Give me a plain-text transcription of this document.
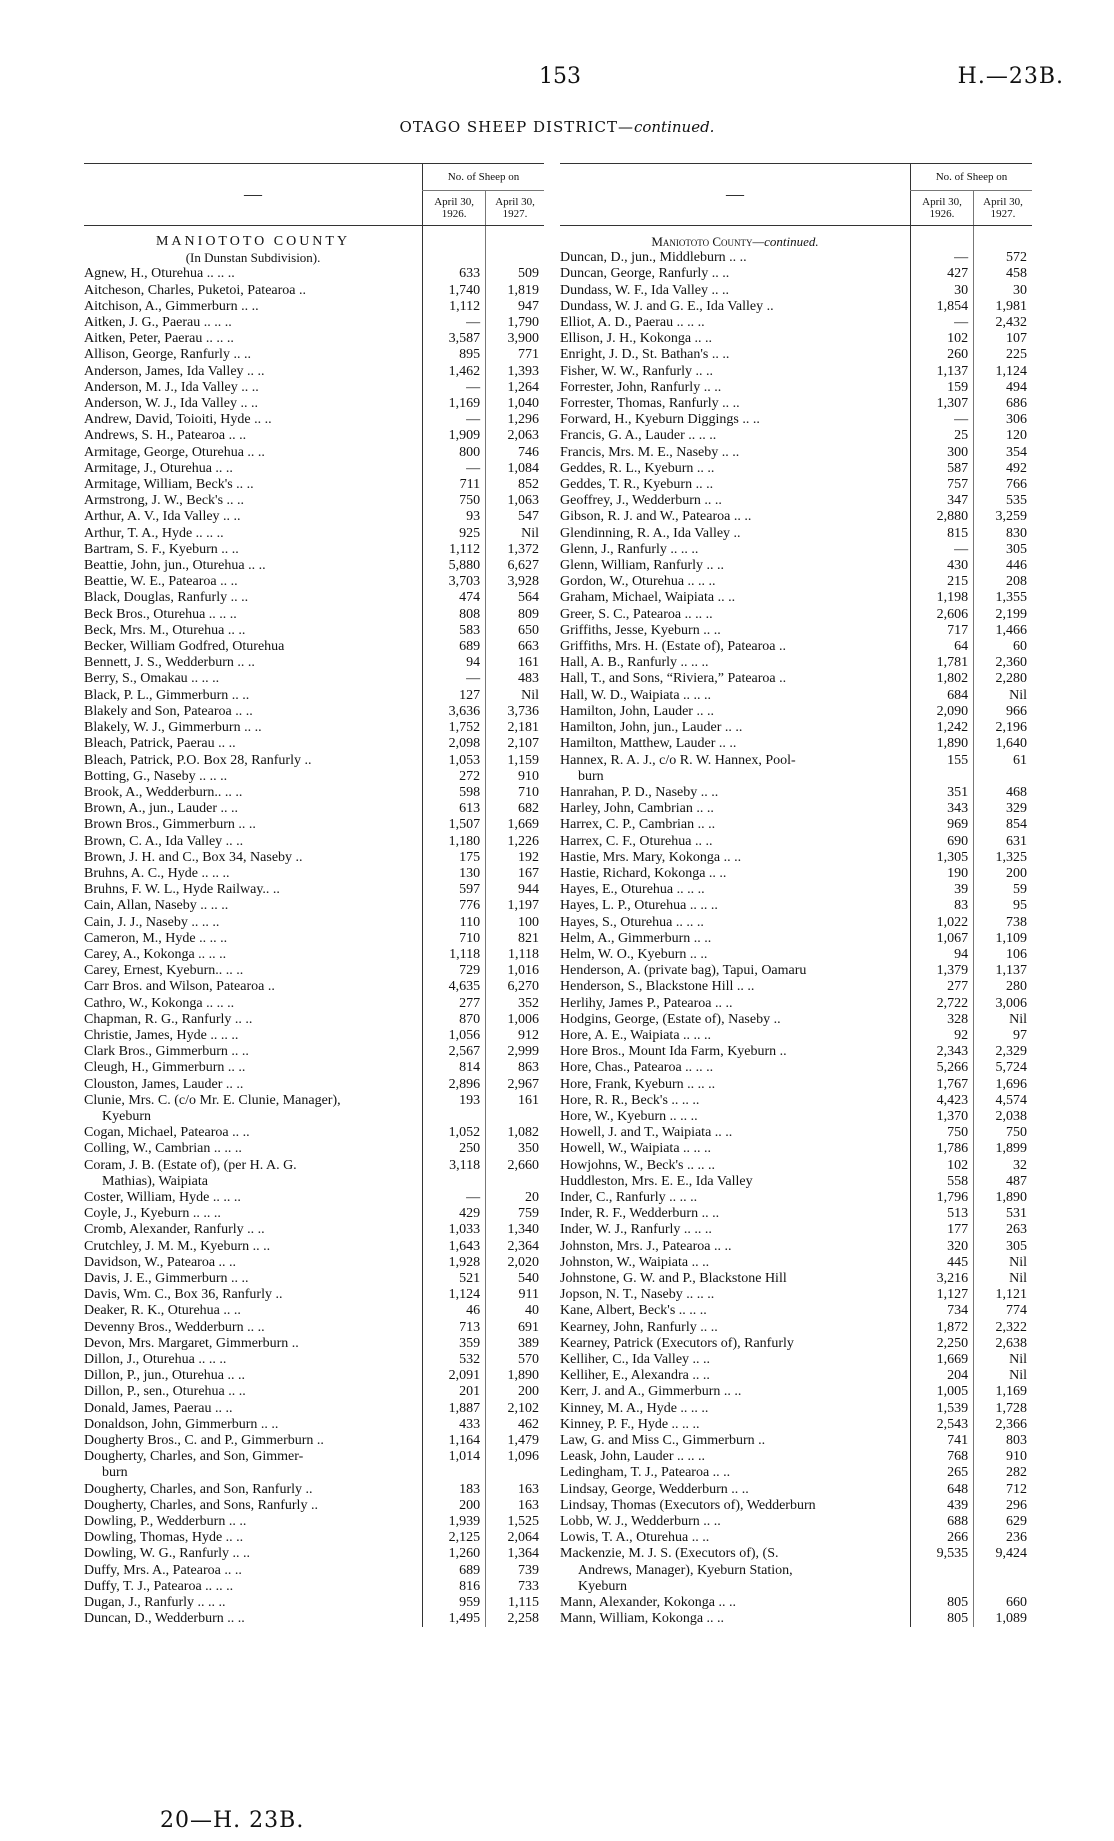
153	H.—23B.
OTAGO SHEEP DISTRICT—continued.
—	No. of Sheep on	

	April 30,
1926.	April 30,
1927.

MANIOTOTO COUNTY		
(In Dunstan Subdivision).		
Agnew, H., Oturehua .. .. ..	633	509
Aitcheson, Charles, Puketoi, Patearoa ..	1,740	1,819
Aitchison, A., Gimmerburn .. ..	1,112	947
Aitken, J. G., Paerau .. .. ..	—	1,790
Aitken, Peter, Paerau .. .. ..	3,587	3,900
Allison, George, Ranfurly .. ..	895	771
Anderson, James, Ida Valley .. ..	1,462	1,393
Anderson, M. J., Ida Valley .. ..	—	1,264
Anderson, W. J., Ida Valley .. ..	1,169	1,040
Andrew, David, Toioiti, Hyde .. ..	—	1,296
Andrews, S. H., Patearoa .. ..	1,909	2,063
Armitage, George, Oturehua .. ..	800	746
Armitage, J., Oturehua .. ..	—	1,084
Armitage, William, Beck's .. ..	711	852
Armstrong, J. W., Beck's .. ..	750	1,063
Arthur, A. V., Ida Valley .. ..	93	547
Arthur, T. A., Hyde .. .. ..	925	Nil
Bartram, S. F., Kyeburn .. ..	1,112	1,372
Beattie, John, jun., Oturehua .. ..	5,880	6,627
Beattie, W. E., Patearoa .. ..	3,703	3,928
Black, Douglas, Ranfurly .. ..	474	564
Beck Bros., Oturehua .. .. ..	808	809
Beck, Mrs. M., Oturehua .. ..	583	650
Becker, William Godfred, Oturehua	689	663
Bennett, J. S., Wedderburn .. ..	94	161
Berry, S., Omakau .. .. ..	—	483
Black, P. L., Gimmerburn .. ..	127	Nil
Blakely and Son, Patearoa .. ..	3,636	3,736
Blakely, W. J., Gimmerburn .. ..	1,752	2,181
Bleach, Patrick, Paerau .. ..	2,098	2,107
Bleach, Patrick, P.O. Box 28, Ranfurly ..	1,053	1,159
Botting, G., Naseby .. .. ..	272	910
Brook, A., Wedderburn.. .. ..	598	710
Brown, A., jun., Lauder .. ..	613	682
Brown Bros., Gimmerburn .. ..	1,507	1,669
Brown, C. A., Ida Valley .. ..	1,180	1,226
Brown, J. H. and C., Box 34, Naseby ..	175	192
Bruhns, A. C., Hyde .. .. ..	130	167
Bruhns, F. W. L., Hyde Railway.. ..	597	944
Cain, Allan, Naseby .. .. ..	776	1,197
Cain, J. J., Naseby .. .. ..	110	100
Cameron, M., Hyde .. .. ..	710	821
Carey, A., Kokonga .. .. ..	1,118	1,118
Carey, Ernest, Kyeburn.. .. ..	729	1,016
Carr Bros. and Wilson, Patearoa ..	4,635	6,270
Cathro, W., Kokonga .. .. ..	277	352
Chapman, R. G., Ranfurly .. ..	870	1,006
Christie, James, Hyde .. .. ..	1,056	912
Clark Bros., Gimmerburn .. ..	2,567	2,999
Cleugh, H., Gimmerburn .. ..	814	863
Clouston, James, Lauder .. ..	2,896	2,967
Clunie, Mrs. C. (c/o Mr. E. Clunie, Manager),	193	161
Kyeburn		
Cogan, Michael, Patearoa .. ..	1,052	1,082
Colling, W., Cambrian .. .. ..	250	350
Coram, J. B. (Estate of), (per H. A. G.	3,118	2,660
Mathias), Waipiata		
Coster, William, Hyde .. .. ..	—	20
Coyle, J., Kyeburn .. .. ..	429	759
Cromb, Alexander, Ranfurly .. ..	1,033	1,340
Crutchley, J. M. M., Kyeburn .. ..	1,643	2,364
Davidson, W., Patearoa .. ..	1,928	2,020
Davis, J. E., Gimmerburn .. ..	521	540
Davis, Wm. C., Box 36, Ranfurly ..	1,124	911
Deaker, R. K., Oturehua .. ..	46	40
Devenny Bros., Wedderburn .. ..	713	691
Devon, Mrs. Margaret, Gimmerburn ..	359	389
Dillon, J., Oturehua .. .. ..	532	570
Dillon, P., jun., Oturehua .. ..	2,091	1,890
Dillon, P., sen., Oturehua .. ..	201	200
Donald, James, Paerau .. ..	1,887	2,102
Donaldson, John, Gimmerburn .. ..	433	462
Dougherty Bros., C. and P., Gimmerburn ..	1,164	1,479
Dougherty, Charles, and Son, Gimmer-	1,014	1,096
burn		
Dougherty, Charles, and Son, Ranfurly ..	183	163
Dougherty, Charles, and Sons, Ranfurly ..	200	163
Dowling, P., Wedderburn .. ..	1,939	1,525
Dowling, Thomas, Hyde .. ..	2,125	2,064
Dowling, W. G., Ranfurly .. ..	1,260	1,364
Duffy, Mrs. A., Patearoa .. ..	689	739
Duffy, T. J., Patearoa .. .. ..	816	733
Dugan, J., Ranfurly .. .. ..	959	1,115
Duncan, D., Wedderburn .. ..	1,495	2,258
—	No. of Sheep on	

	April 30,
1926.	April 30,
1927.

Maniototo County—continued.		
Duncan, D., jun., Middleburn .. ..	—	572
Duncan, George, Ranfurly .. ..	427	458
Dundass, W. F., Ida Valley .. ..	30	30
Dundass, W. J. and G. E., Ida Valley ..	1,854	1,981
Elliot, A. D., Paerau .. .. ..	—	2,432
Ellison, J. H., Kokonga .. ..	102	107
Enright, J. D., St. Bathan's .. ..	260	225
Fisher, W. W., Ranfurly .. ..	1,137	1,124
Forrester, John, Ranfurly .. ..	159	494
Forrester, Thomas, Ranfurly .. ..	1,307	686
Forward, H., Kyeburn Diggings .. ..	—	306
Francis, G. A., Lauder .. .. ..	25	120
Francis, Mrs. M. E., Naseby .. ..	300	354
Geddes, R. L., Kyeburn .. ..	587	492
Geddes, T. R., Kyeburn .. ..	757	766
Geoffrey, J., Wedderburn .. ..	347	535
Gibson, R. J. and W., Patearoa .. ..	2,880	3,259
Glendinning, R. A., Ida Valley ..	815	830
Glenn, J., Ranfurly .. .. ..	—	305
Glenn, William, Ranfurly .. ..	430	446
Gordon, W., Oturehua .. .. ..	215	208
Graham, Michael, Waipiata .. ..	1,198	1,355
Greer, S. C., Patearoa .. .. ..	2,606	2,199
Griffiths, Jesse, Kyeburn .. ..	717	1,466
Griffiths, Mrs. H. (Estate of), Patearoa ..	64	60
Hall, A. B., Ranfurly .. .. ..	1,781	2,360
Hall, T., and Sons, “Riviera,” Patearoa ..	1,802	2,280
Hall, W. D., Waipiata .. .. ..	684	Nil
Hamilton, John, Lauder .. ..	2,090	966
Hamilton, John, jun., Lauder .. ..	1,242	2,196
Hamilton, Matthew, Lauder .. ..	1,890	1,640
Hannex, R. A. J., c/o R. W. Hannex, Pool-	155	61
burn		
Hanrahan, P. D., Naseby .. ..	351	468
Harley, John, Cambrian .. ..	343	329
Harrex, C. P., Cambrian .. ..	969	854
Harrex, C. F., Oturehua .. ..	690	631
Hastie, Mrs. Mary, Kokonga .. ..	1,305	1,325
Hastie, Richard, Kokonga .. ..	190	200
Hayes, E., Oturehua .. .. ..	39	59
Hayes, L. P., Oturehua .. .. ..	83	95
Hayes, S., Oturehua .. .. ..	1,022	738
Helm, A., Gimmerburn .. ..	1,067	1,109
Helm, W. O., Kyeburn .. ..	94	106
Henderson, A. (private bag), Tapui, Oamaru	1,379	1,137
Henderson, S., Blackstone Hill .. ..	277	280
Herlihy, James P., Patearoa .. ..	2,722	3,006
Hodgins, George, (Estate of), Naseby ..	328	Nil
Hore, A. E., Waipiata .. .. ..	92	97
Hore Bros., Mount Ida Farm, Kyeburn ..	2,343	2,329
Hore, Chas., Patearoa .. .. ..	5,266	5,724
Hore, Frank, Kyeburn .. .. ..	1,767	1,696
Hore, R. R., Beck's .. .. ..	4,423	4,574
Hore, W., Kyeburn .. .. ..	1,370	2,038
Howell, J. and T., Waipiata .. ..	750	750
Howell, W., Waipiata .. .. ..	1,786	1,899
Howjohns, W., Beck's .. .. ..	102	32
Huddleston, Mrs. E. E., Ida Valley	558	487
Inder, C., Ranfurly .. .. ..	1,796	1,890
Inder, R. F., Wedderburn .. ..	513	531
Inder, W. J., Ranfurly .. .. ..	177	263
Johnston, Mrs. J., Patearoa .. ..	320	305
Johnston, W., Waipiata .. ..	445	Nil
Johnstone, G. W. and P., Blackstone Hill	3,216	Nil
Jopson, N. T., Naseby .. .. ..	1,127	1,121
Kane, Albert, Beck's .. .. ..	734	774
Kearney, John, Ranfurly .. ..	1,872	2,322
Kearney, Patrick (Executors of), Ranfurly	2,250	2,638
Kelliher, C., Ida Valley .. ..	1,669	Nil
Kelliher, E., Alexandra .. ..	204	Nil
Kerr, J. and A., Gimmerburn .. ..	1,005	1,169
Kinney, M. A., Hyde .. .. ..	1,539	1,728
Kinney, P. F., Hyde .. .. ..	2,543	2,366
Law, G. and Miss C., Gimmerburn ..	741	803
Leask, John, Lauder .. .. ..	768	910
Ledingham, T. J., Patearoa .. ..	265	282
Lindsay, George, Wedderburn .. ..	648	712
Lindsay, Thomas (Executors of), Wedderburn	439	296
Lobb, W. J., Wedderburn .. ..	688	629
Lowis, T. A., Oturehua .. ..	266	236
Mackenzie, M. J. S. (Executors of), (S.	9,535	9,424
Andrews, Manager), Kyeburn Station,		
Kyeburn		
Mann, Alexander, Kokonga .. ..	805	660
Mann, William, Kokonga .. ..	805	1,089
20—H. 23B.
